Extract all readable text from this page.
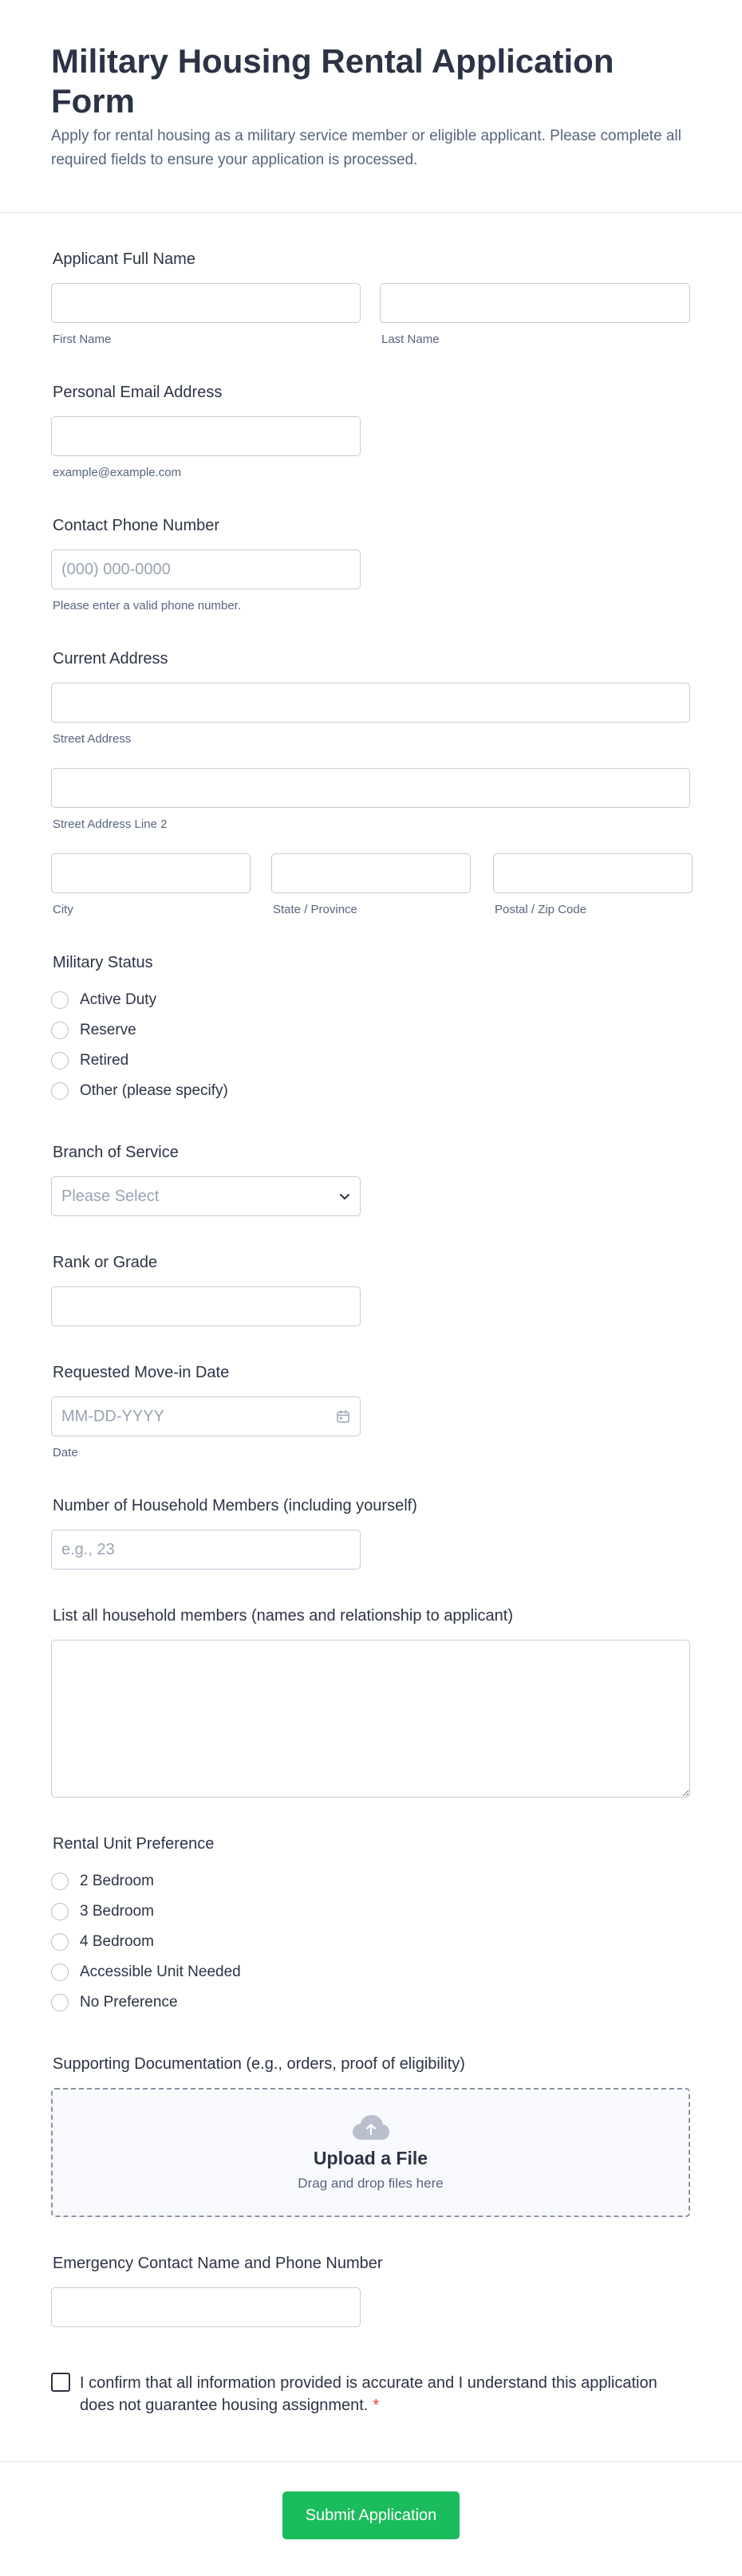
Military Housing Rental Application Form
Apply for rental housing as a military service member or eligible applicant. Please complete all required fields to ensure your application is processed.
Applicant Full Name
First Name	Last Name
Personal Email Address
example@example.com
Contact Phone Number
(000) 000-0000
Please enter a valid phone number.
Current Address
Street Address
Street Address Line 2
City	State / Province	Postal / Zip Code
Military Status
Active Duty
Reserve
Retired
Other (please specify)
Branch of Service
Please Select
Rank or Grade
Requested Move-in Date
MM-DD-YYYY
Date
Number of Household Members (including yourself)
e.g., 23
List all household members (names and relationship to applicant)
Rental Unit Preference
2 Bedroom
3 Bedroom
4 Bedroom
Accessible Unit Needed
No Preference
Supporting Documentation (e.g., orders, proof of eligibility)
Upload a File
Drag and drop files here
Emergency Contact Name and Phone Number
I confirm that all information provided is accurate and I understand this application does not guarantee housing assignment. *
Submit Application
